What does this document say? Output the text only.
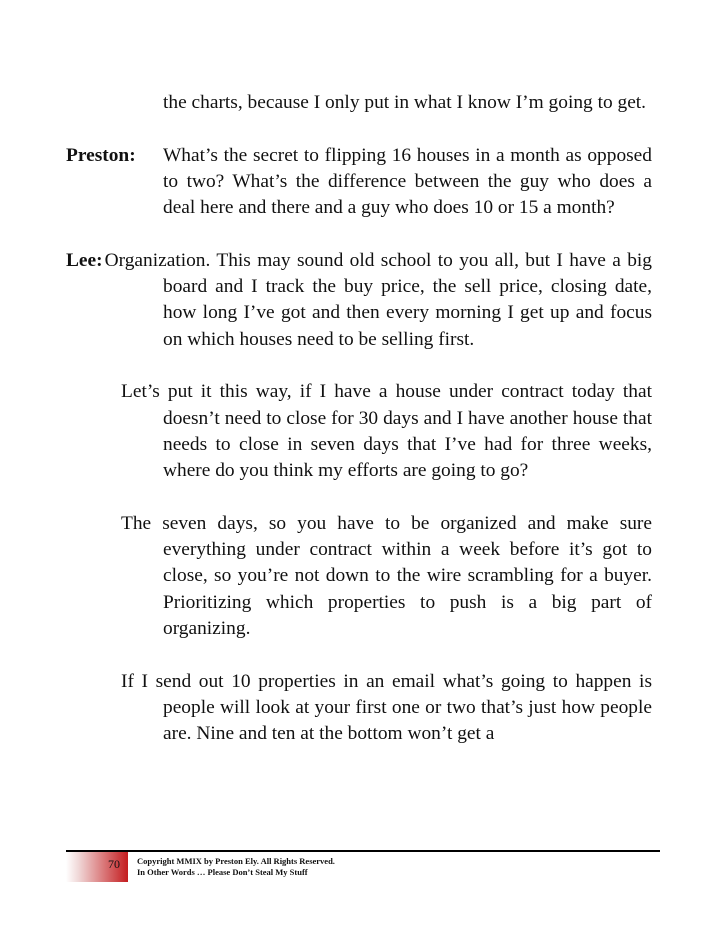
the charts, because I only put in what I know I’m going to get.

Preston: What’s the secret to flipping 16 houses in a month as opposed to two? What’s the difference between the guy who does a deal here and there and a guy who does 10 or 15 a month?

Lee: Organization. This may sound old school to you all, but I have a big board and I track the buy price, the sell price, closing date, how long I’ve got and then every morning I get up and focus on which houses need to be selling first.

Let’s put it this way, if I have a house under contract today that doesn’t need to close for 30 days and I have another house that needs to close in seven days that I’ve had for three weeks, where do you think my efforts are going to go?

The seven days, so you have to be organized and make sure everything under contract within a week before it’s got to close, so you’re not down to the wire scrambling for a buyer. Prioritizing which properties to push is a big part of organizing.

If I send out 10 properties in an email what’s going to happen is people will look at your first one or two that’s just how people are. Nine and ten at the bottom won’t get a

70 Copyright MMIX by Preston Ely. All Rights Reserved.
In Other Words … Please Don’t Steal My Stuff
